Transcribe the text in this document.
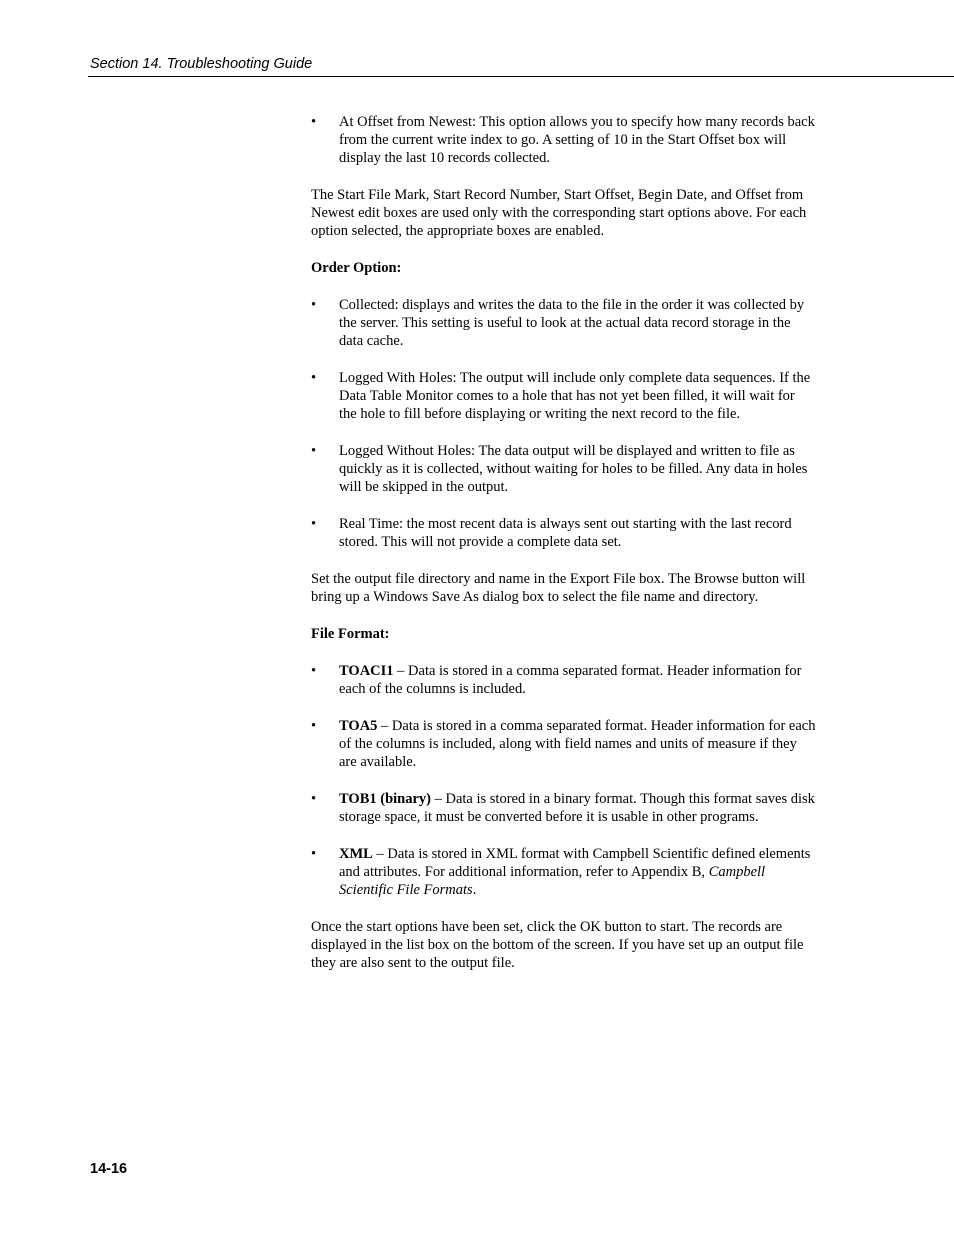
Section 14. Troubleshooting Guide
•	At Offset from Newest: This option allows you to specify how many records back from the current write index to go. A setting of 10 in the Start Offset box will display the last 10 records collected.

The Start File Mark, Start Record Number, Start Offset, Begin Date, and Offset from Newest edit boxes are used only with the corresponding start options above. For each option selected, the appropriate boxes are enabled.

Order Option:

•	Collected: displays and writes the data to the file in the order it was collected by the server. This setting is useful to look at the actual data record storage in the data cache.
•	Logged With Holes: The output will include only complete data sequences. If the Data Table Monitor comes to a hole that has not yet been filled, it will wait for the hole to fill before displaying or writing the next record to the file.
•	Logged Without Holes: The data output will be displayed and written to file as quickly as it is collected, without waiting for holes to be filled. Any data in holes will be skipped in the output.
•	Real Time: the most recent data is always sent out starting with the last record stored. This will not provide a complete data set.

Set the output file directory and name in the Export File box. The Browse button will bring up a Windows Save As dialog box to select the file name and directory.

File Format:

•	TOACI1 – Data is stored in a comma separated format. Header information for each of the columns is included.
•	TOA5 – Data is stored in a comma separated format. Header information for each of the columns is included, along with field names and units of measure if they are available.
•	TOB1 (binary) – Data is stored in a binary format. Though this format saves disk storage space, it must be converted before it is usable in other programs.
•	XML – Data is stored in XML format with Campbell Scientific defined elements and attributes. For additional information, refer to Appendix B, Campbell Scientific File Formats.

Once the start options have been set, click the OK button to start. The records are displayed in the list box on the bottom of the screen. If you have set up an output file they are also sent to the output file.

14-16
